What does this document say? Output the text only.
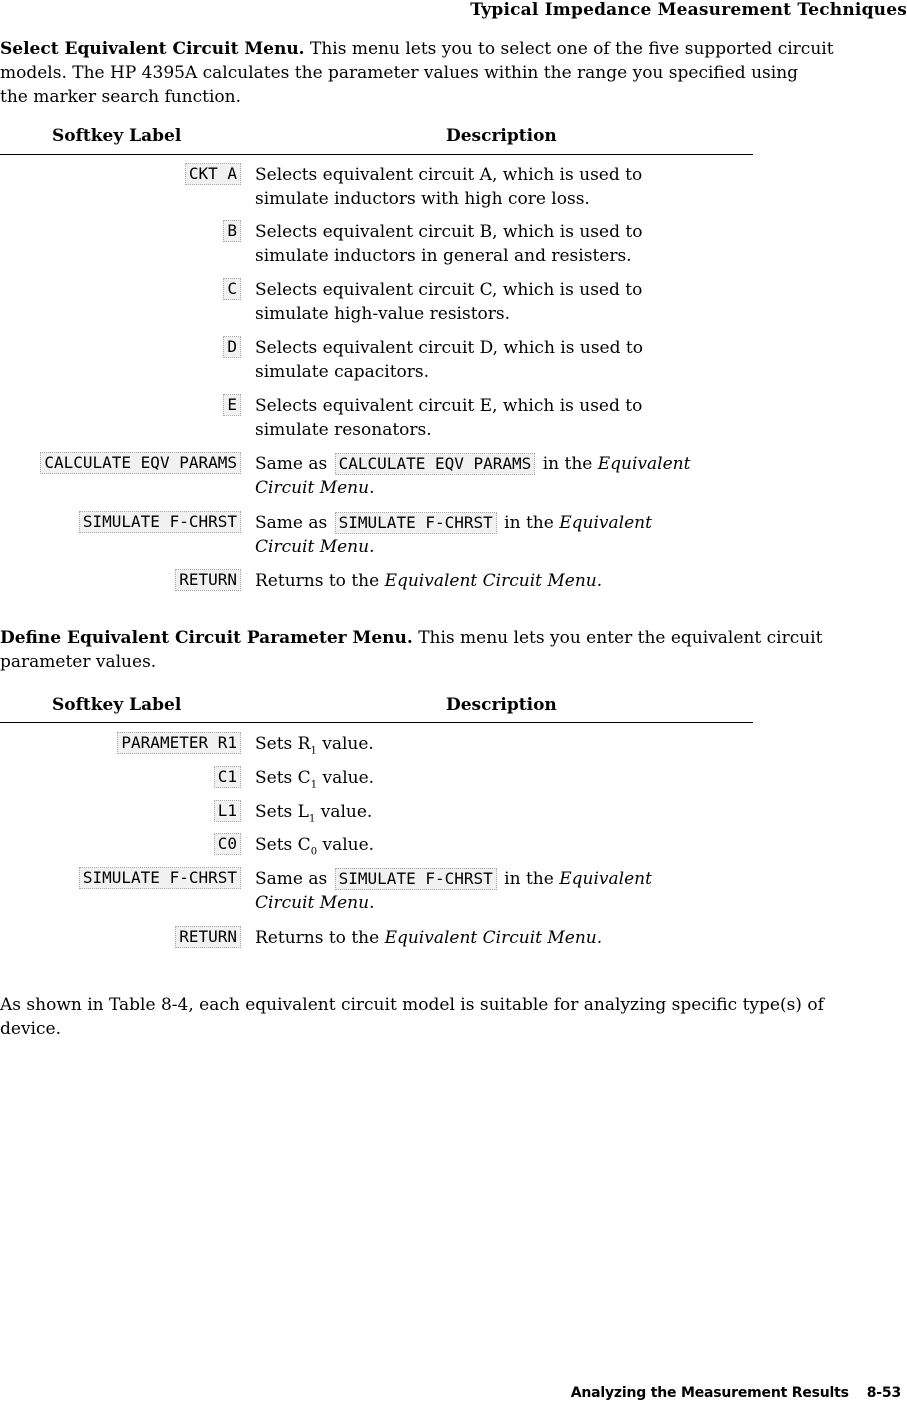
Typical Impedance Measurement Techniques
Select Equivalent Circuit Menu. This menu lets you to select one of the five supported circuit
models. The HP 4395A calculates the parameter values within the range you specified using
the marker search function.
Softkey Label	Description
CKT A Selects equivalent circuit A, which is used to
simulate inductors with high core loss.
B Selects equivalent circuit B, which is used to
simulate inductors in general and resisters.
C Selects equivalent circuit C, which is used to
simulate high-value resistors.
D Selects equivalent circuit D, which is used to
simulate capacitors.
E Selects equivalent circuit E, which is used to
simulate resonators.
CALCULATE EQV PARAMS Same as CALCULATE EQV PARAMS in the Equivalent
Circuit Menu.
SIMULATE F-CHRST Same as SIMULATE F-CHRST in the Equivalent
Circuit Menu.
RETURN Returns to the Equivalent Circuit Menu.
Define Equivalent Circuit Parameter Menu. This menu lets you enter the equivalent circuit
parameter values.
Softkey Label	Description
PARAMETER R1 Sets $R_1$ value.
C1 Sets $C_1$ value.
L1 Sets $L_1$ value.
C0 Sets $C_0$ value.
SIMULATE F-CHRST Same as SIMULATE F-CHRST in the Equivalent
Circuit Menu.
RETURN Returns to the Equivalent Circuit Menu.
As shown in Table 8-4, each equivalent circuit model is suitable for analyzing specific type(s) of
device.
Analyzing the Measurement Results 8-53
